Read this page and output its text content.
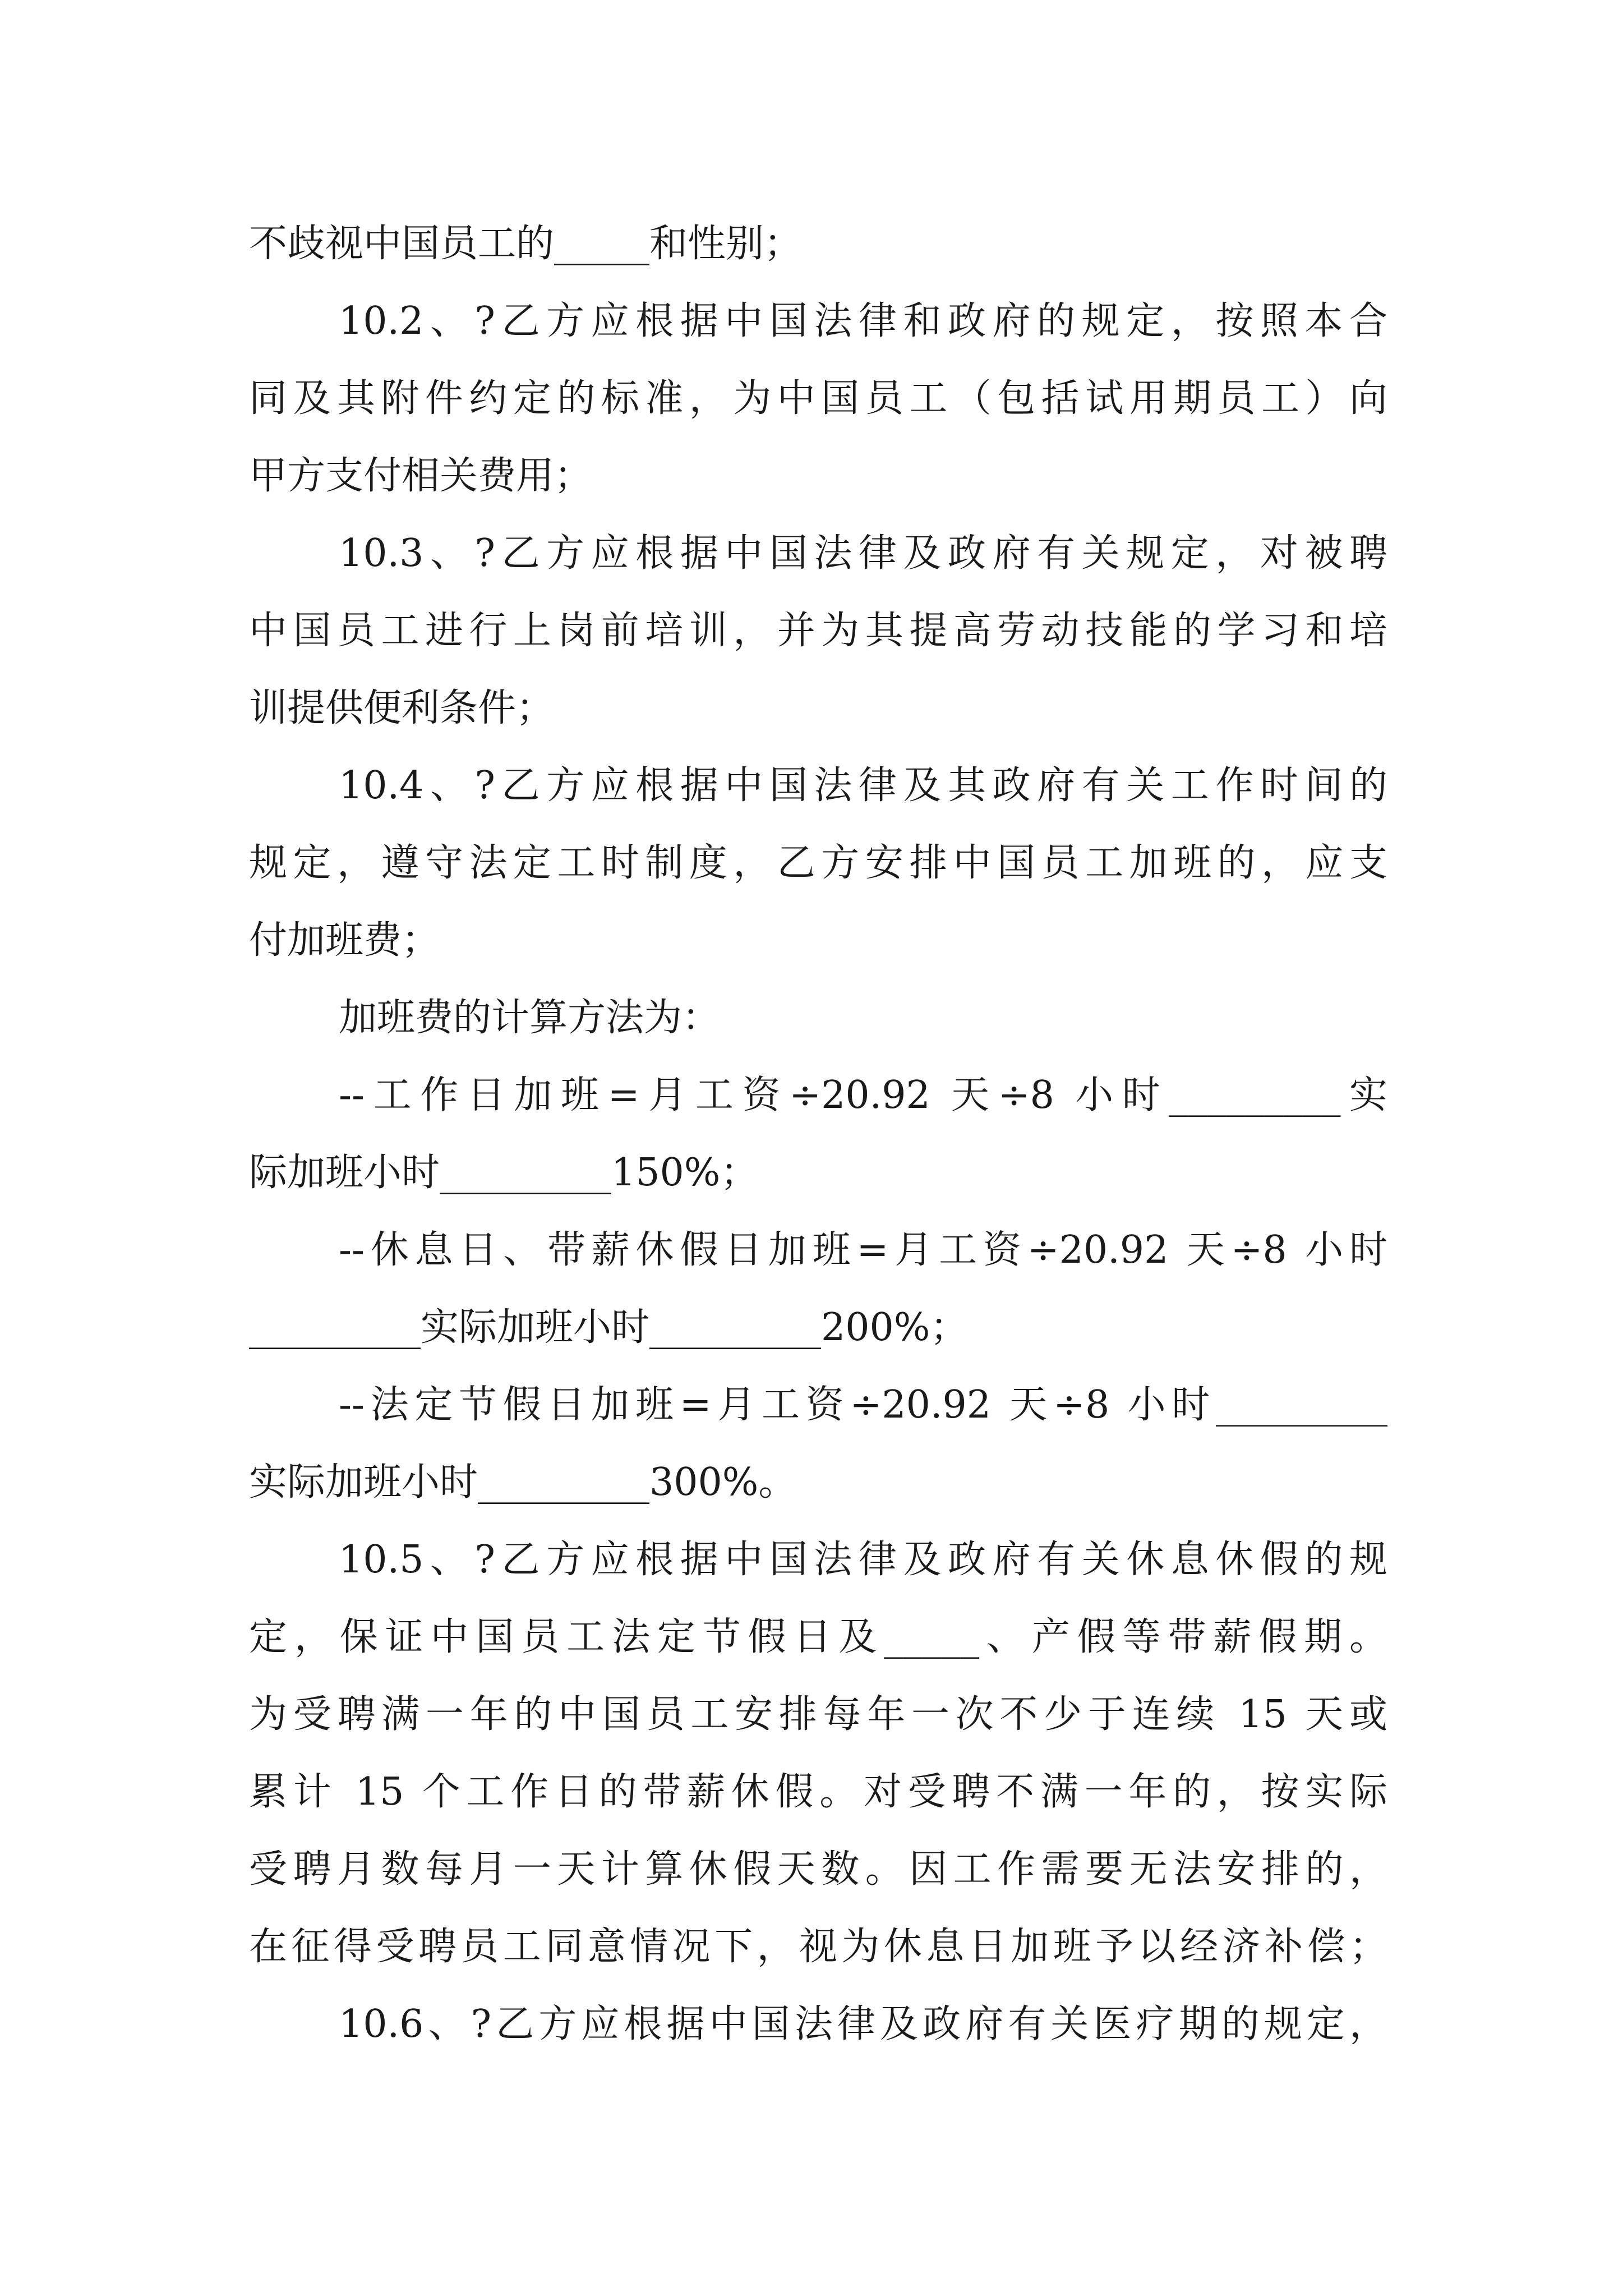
不歧视中国员工的_____和性别；
10.2、?乙方应根据中国法律和政府的规定，按照本合
同及其附件约定的标准，为中国员工（包括试用期员工）向
甲方支付相关费用；
10.3、?乙方应根据中国法律及政府有关规定，对被聘
中国员工进行上岗前培训，并为其提高劳动技能的学习和培
训提供便利条件；
10.4、?乙方应根据中国法律及其政府有关工作时间的
规定，遵守法定工时制度，乙方安排中国员工加班的，应支
付加班费；
加班费的计算方法为：
--工作日加班=月工资÷20.92 天÷8 小时_________实
际加班小时_________150%；
--休息日、带薪休假日加班=月工资÷20.92 天÷8 小时
_________实际加班小时_________200%；
--法定节假日加班=月工资÷20.92 天÷8 小时_________
实际加班小时_________300%。
10.5、?乙方应根据中国法律及政府有关休息休假的规
定，保证中国员工法定节假日及_____、产假等带薪假期。
为受聘满一年的中国员工安排每年一次不少于连续 15 天或
累计 15 个工作日的带薪休假。对受聘不满一年的，按实际
受聘月数每月一天计算休假天数。因工作需要无法安排的，
在征得受聘员工同意情况下，视为休息日加班予以经济补偿；
10.6、?乙方应根据中国法律及政府有关医疗期的规定，
